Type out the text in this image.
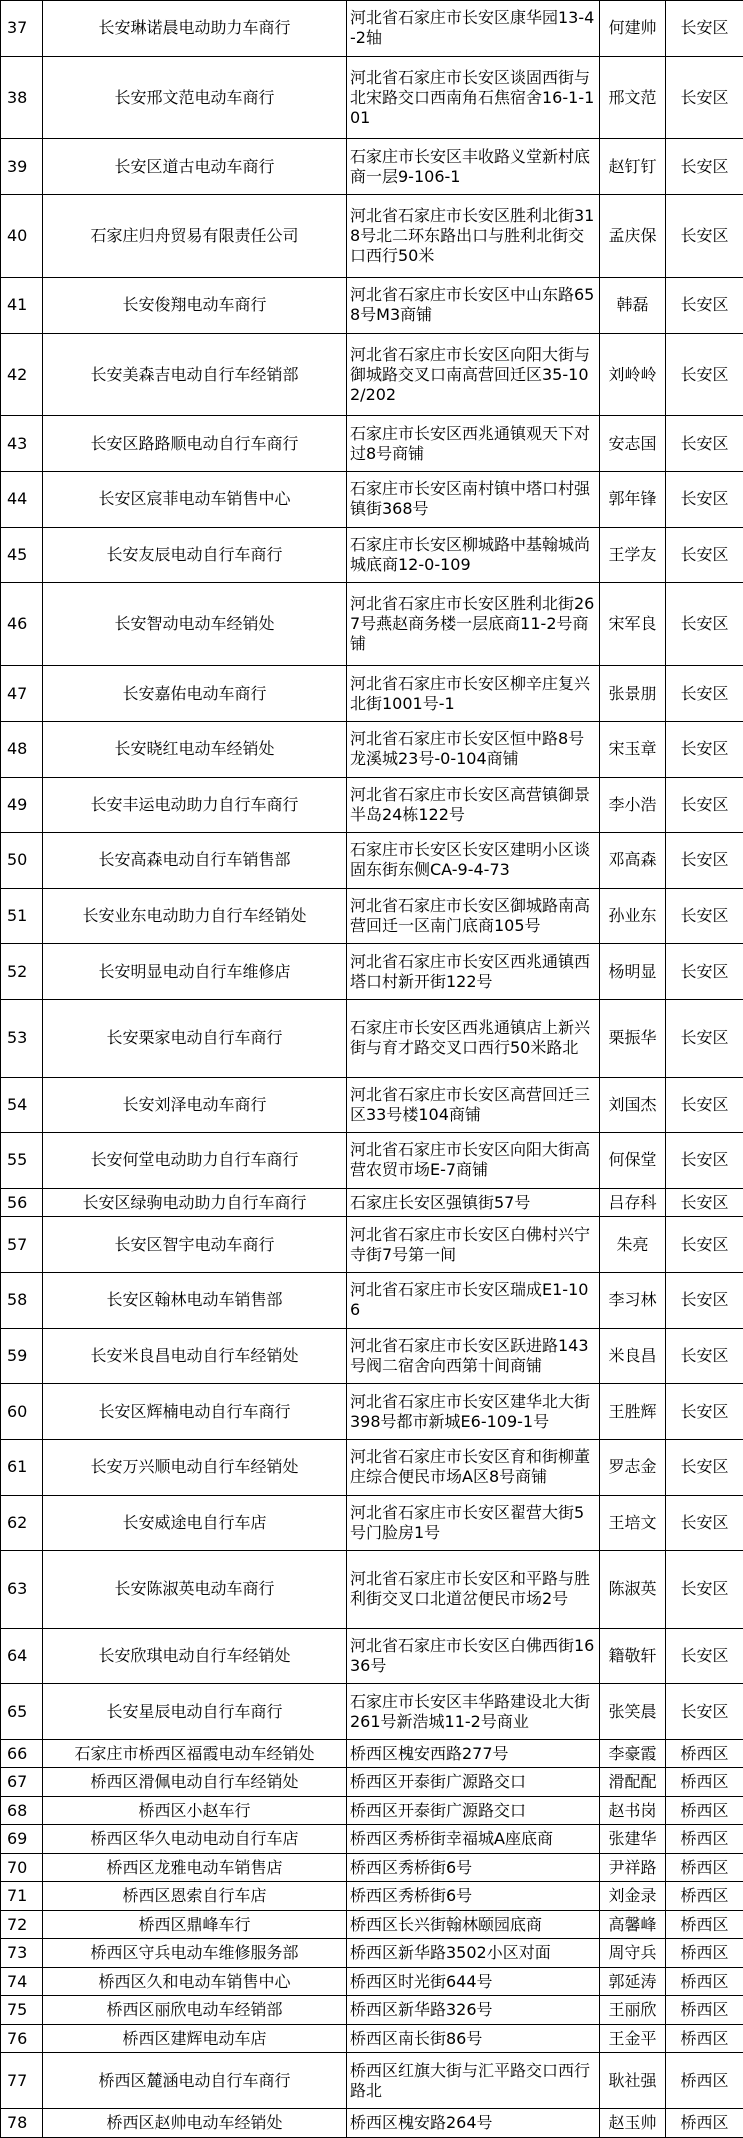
37	长安琳诺晨电动助力车商行	河北省石家庄市长安区康华园13-4-2轴	何建帅	长安区
38	长安邢文范电动车商行	河北省石家庄市长安区谈固西街与北宋路交口西南角石焦宿舍16-1-101	邢文范	长安区
39	长安区道古电动车商行	石家庄市长安区丰收路义堂新村底商一层9-106-1	赵钉钉	长安区
40	石家庄归舟贸易有限责任公司	河北省石家庄市长安区胜利北街318号北二环东路出口与胜利北街交口西行50米	孟庆保	长安区
41	长安俊翔电动车商行	河北省石家庄市长安区中山东路658号M3商铺	韩磊	长安区
42	长安美森吉电动自行车经销部	河北省石家庄市长安区向阳大街与御城路交叉口南高营回迁区35-102/202	刘岭岭	长安区
43	长安区路路顺电动自行车商行	石家庄市长安区西兆通镇观天下对过8号商铺	安志国	长安区
44	长安区宸菲电动车销售中心	石家庄市长安区南村镇中塔口村强镇街368号	郭年锋	长安区
45	长安友辰电动自行车商行	石家庄市长安区柳城路中基翰城尚城底商12-0-109	王学友	长安区
46	长安智动电动车经销处	河北省石家庄市长安区胜利北街267号燕赵商务楼一层底商11-2号商铺	宋军良	长安区
47	长安嘉佑电动车商行	河北省石家庄市长安区柳辛庄复兴北街1001号-1	张景朋	长安区
48	长安晓红电动车经销处	河北省石家庄市长安区恒中路8号龙溪城23号-0-104商铺	宋玉章	长安区
49	长安丰运电动助力自行车商行	河北省石家庄市长安区高营镇御景半岛24栋122号	李小浩	长安区
50	长安高森电动自行车销售部	石家庄市长安区长安区建明小区谈固东街东侧CA-9-4-73	邓高森	长安区
51	长安业东电动助力自行车经销处	河北省石家庄市长安区御城路南高营回迁一区南门底商105号	孙业东	长安区
52	长安明显电动自行车维修店	河北省石家庄市长安区西兆通镇西塔口村新开街122号	杨明显	长安区
53	长安栗家电动自行车商行	石家庄市长安区西兆通镇店上新兴街与育才路交叉口西行50米路北	栗振华	长安区
54	长安刘泽电动车商行	河北省石家庄市长安区高营回迁三区33号楼104商铺	刘国杰	长安区
55	长安何堂电动助力自行车商行	河北省石家庄市长安区向阳大街高营农贸市场E-7商铺	何保堂	长安区
56	长安区绿驹电动助力自行车商行	石家庄长安区强镇街57号	吕存科	长安区
57	长安区智宇电动车商行	河北省石家庄市长安区白佛村兴宁寺街7号第一间	朱亮	长安区
58	长安区翰林电动车销售部	河北省石家庄市长安区瑞成E1-106	李习林	长安区
59	长安米良昌电动自行车经销处	河北省石家庄市长安区跃进路143号阀二宿舍向西第十间商铺	米良昌	长安区
60	长安区辉楠电动自行车商行	河北省石家庄市长安区建华北大街398号都市新城E6-109-1号	王胜辉	长安区
61	长安万兴顺电动自行车经销处	河北省石家庄市长安区育和街柳董庄综合便民市场A区8号商铺	罗志金	长安区
62	长安威途电自行车店	河北省石家庄市长安区翟营大街5号门脸房1号	王培文	长安区
63	长安陈淑英电动车商行	河北省石家庄市长安区和平路与胜利街交叉口北道岔便民市场2号	陈淑英	长安区
64	长安欣琪电动自行车经销处	河北省石家庄市长安区白佛西街1636号	籍敬轩	长安区
65	长安星辰电动自行车商行	石家庄市长安区丰华路建设北大街261号新浩城11-2号商业	张笑晨	长安区
66	石家庄市桥西区福霞电动车经销处	桥西区槐安西路277号	李豪霞	桥西区
67	桥西区滑佩电动自行车经销处	桥西区开泰街广源路交口	滑配配	桥西区
68	桥西区小赵车行	桥西区开泰街广源路交口	赵书岗	桥西区
69	桥西区华久电动电动自行车店	桥西区秀桥街幸福城A座底商	张建华	桥西区
70	桥西区龙雅电动车销售店	桥西区秀桥街6号	尹祥路	桥西区
71	桥西区恩索自行车店	桥西区秀桥街6号	刘金录	桥西区
72	桥西区鼎峰车行	桥西区长兴街翰林颐园底商	高馨峰	桥西区
73	桥西区守兵电动车维修服务部	桥西区新华路3502小区对面	周守兵	桥西区
74	桥西区久和电动车销售中心	桥西区时光街644号	郭延涛	桥西区
75	桥西区丽欣电动车经销部	桥西区新华路326号	王丽欣	桥西区
76	桥西区建辉电动车店	桥西区南长街86号	王金平	桥西区
77	桥西区麓涵电动自行车商行	桥西区红旗大街与汇平路交口西行路北	耿社强	桥西区
78	桥西区赵帅电动车经销处	桥西区槐安路264号	赵玉帅	桥西区
